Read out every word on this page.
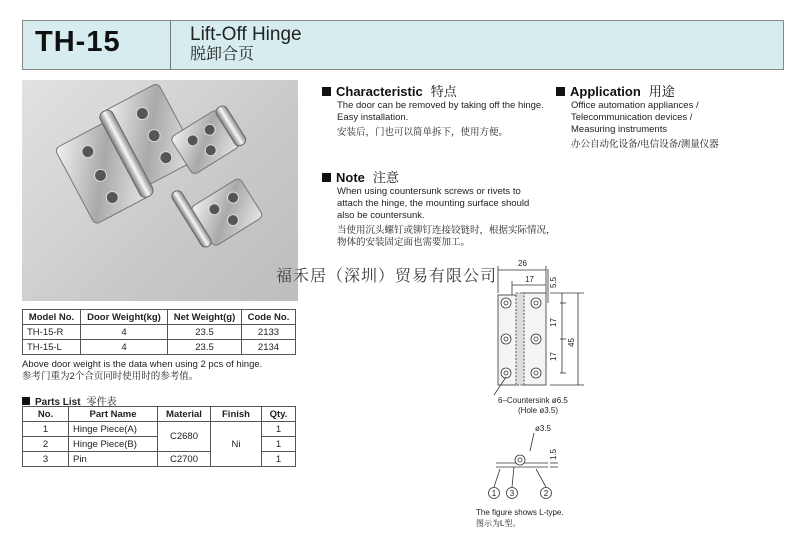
TH-15	Lift-Off Hinge
脱卸合页
Characteristic 特点
The door can be removed by taking off the hinge.
Easy installation.
安装后，门也可以简单拆下，使用方便。
Application 用途
Office automation appliances /
Telecommunication devices /
Measuring instruments
办公自动化设备/电信设备/测量仪器
Note 注意
When using countersunk screws or rivets to
attach the hinge, the mounting surface should
also be countersunk.
当使用沉头螺钉或铆钉连接铰链时，根据实际情况，
物体的安装固定面也需要加工。
福禾居（深圳）贸易有限公司
Model No.	Door Weight(kg)	Net Weight(g)	Code No.
TH-15-R	4	23.5	2133
TH-15-L	4	23.5	2134
Above door weight is the data when using 2 pcs of hinge.
参考门重为2个合页同时使用时的参考值。
Parts List 零件表
No.	Part Name	Material	Finish	Qty.
1	Hinge Piece(A)	C2680	Ni	1
2	Hinge Piece(B)			1
3	Pin	C2700		1
26
17 5.5
17
17
45
6–Countersink ø6.5
(Hole ø3.5)
ø3.5
1.5
1 3	2
The figure shows L-type.
图示为L型。
